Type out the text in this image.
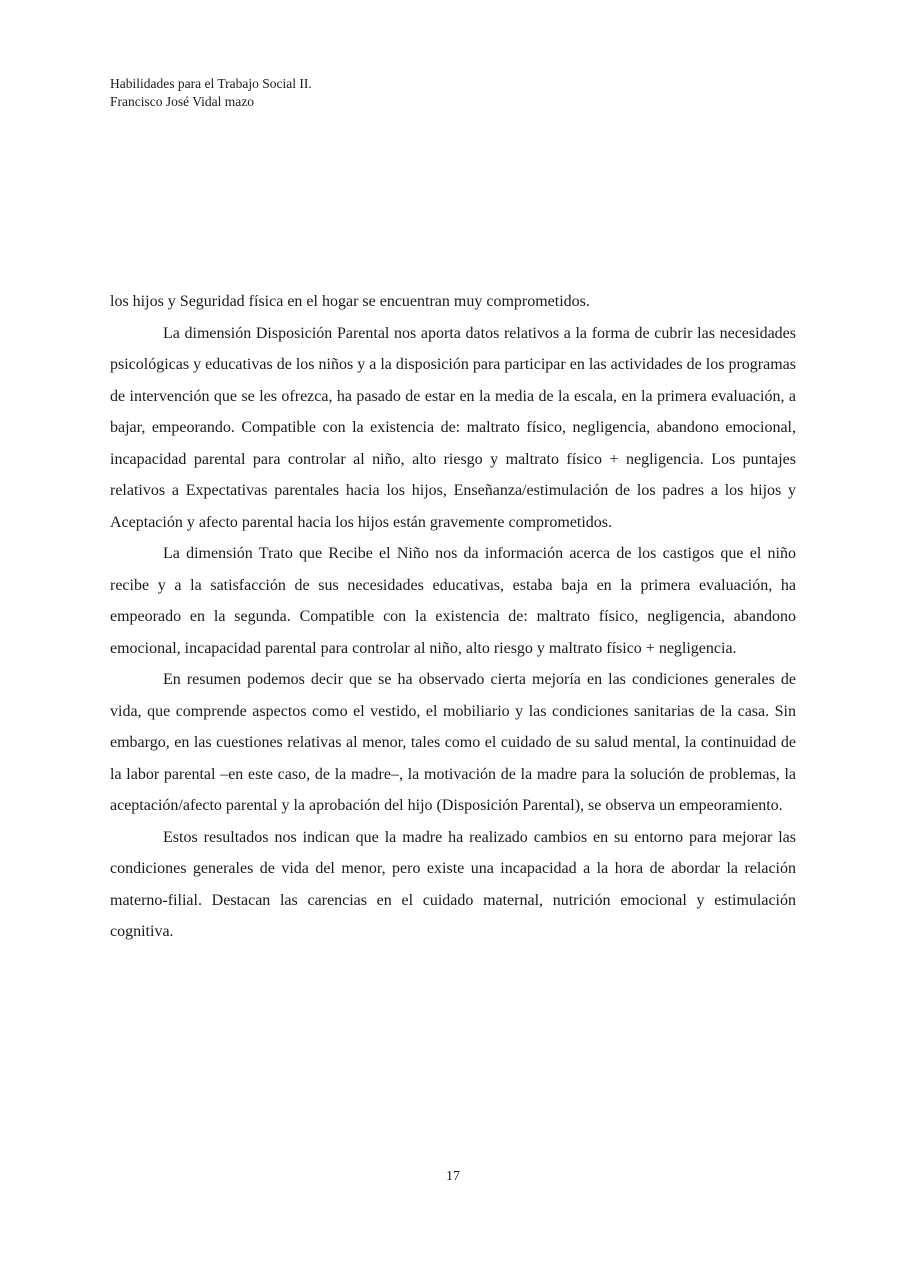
Habilidades para el Trabajo Social II.
Francisco José Vidal mazo

los hijos y Seguridad física en el hogar se encuentran muy comprometidos.

La dimensión Disposición Parental nos aporta datos relativos a la forma de cubrir las necesidades psicológicas y educativas de los niños y a la disposición para participar en las actividades de los programas de intervención que se les ofrezca, ha pasado de estar en la media de la escala, en la primera evaluación, a bajar, empeorando. Compatible con la existencia de: maltrato físico, negligencia, abandono emocional, incapacidad parental para controlar al niño, alto riesgo y maltrato físico + negligencia. Los puntajes relativos a Expectativas parentales hacia los hijos, Enseñanza/estimulación de los padres a los hijos y Aceptación y afecto parental hacia los hijos están gravemente comprometidos.

La dimensión Trato que Recibe el Niño nos da información acerca de los castigos que el niño recibe y a la satisfacción de sus necesidades educativas, estaba baja en la primera evaluación, ha empeorado en la segunda. Compatible con la existencia de: maltrato físico, negligencia, abandono emocional, incapacidad parental para controlar al niño, alto riesgo y maltrato físico + negligencia.

En resumen podemos decir que se ha observado cierta mejoría en las condiciones generales de vida, que comprende aspectos como el vestido, el mobiliario y las condiciones sanitarias de la casa. Sin embargo, en las cuestiones relativas al menor, tales como el cuidado de su salud mental, la continuidad de la labor parental –en este caso, de la madre–, la motivación de la madre para la solución de problemas, la aceptación/afecto parental y la aprobación del hijo (Disposición Parental), se observa un empeoramiento.

Estos resultados nos indican que la madre ha realizado cambios en su entorno para mejorar las condiciones generales de vida del menor, pero existe una incapacidad a la hora de abordar la relación materno-filial. Destacan las carencias en el cuidado maternal, nutrición emocional y estimulación cognitiva.

17
